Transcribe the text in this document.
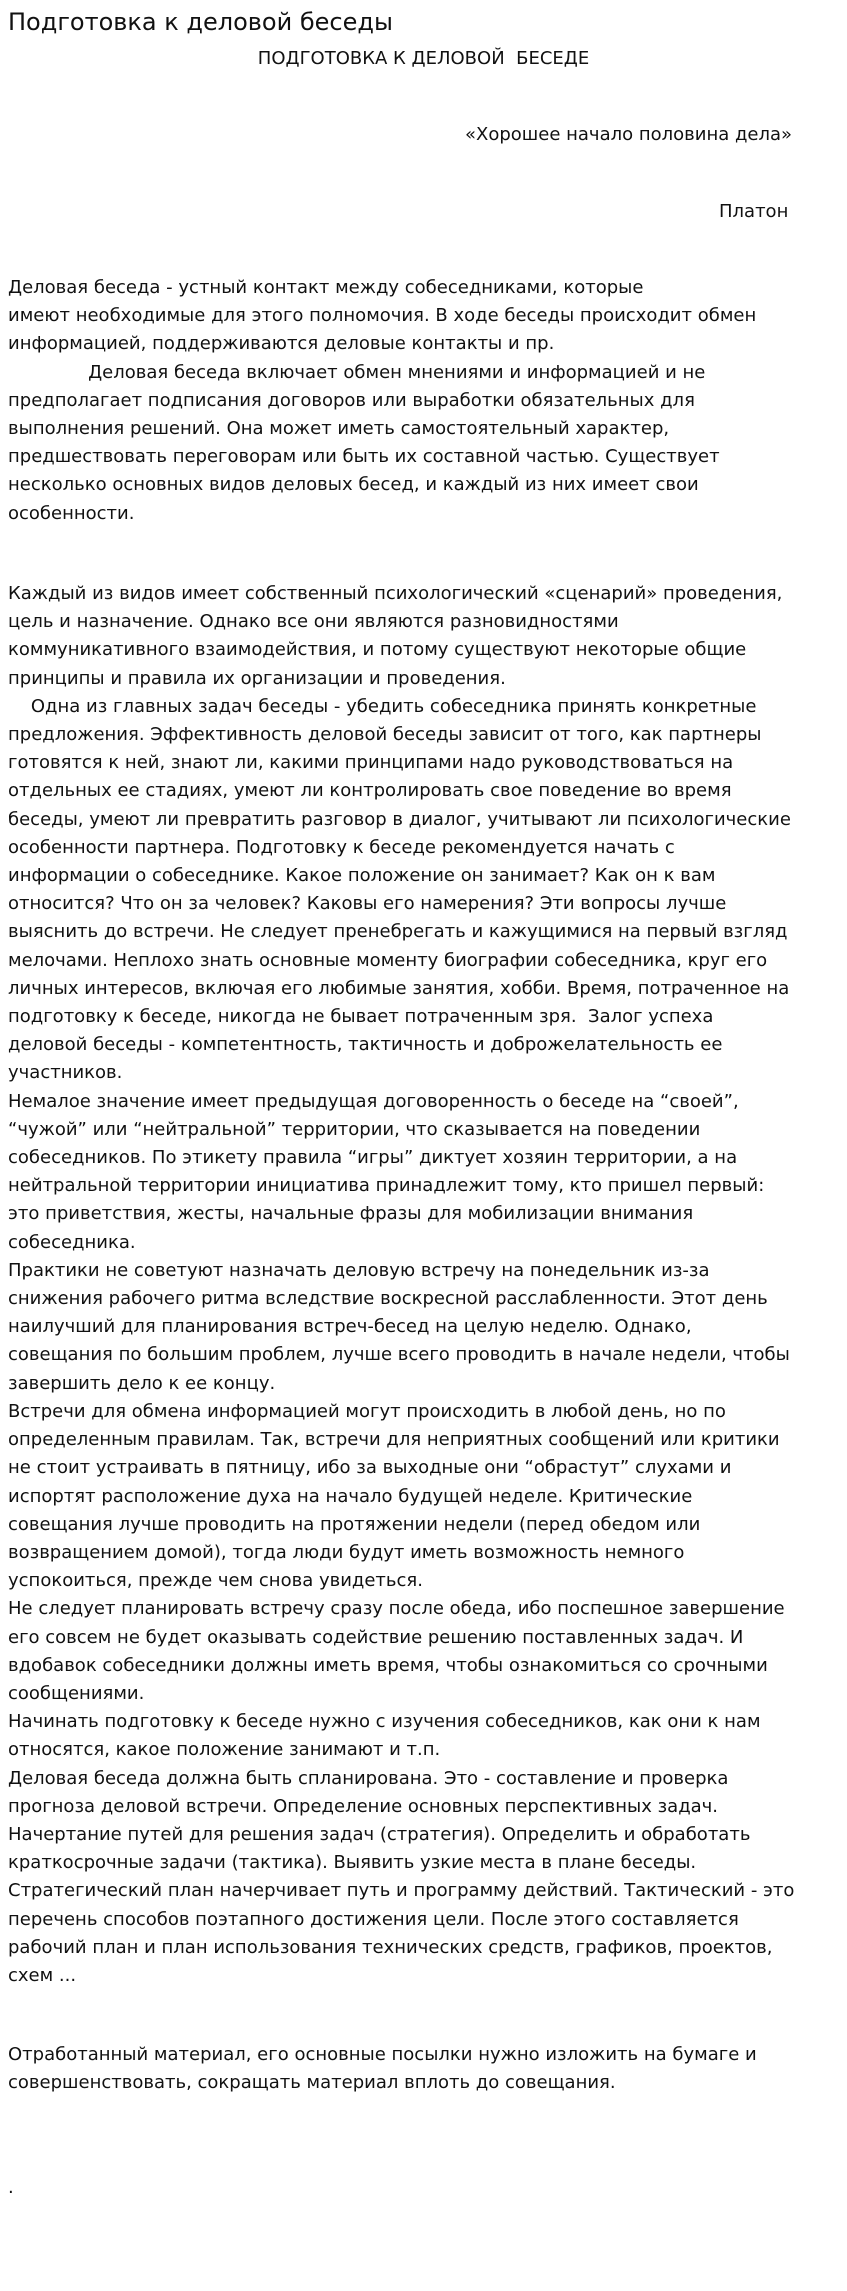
Подготовка к деловой беседы
ПОДГОТОВКА К ДЕЛОВОЙ  БЕСЕДЕ
«Хорошее начало половина дела»
Платон

Деловая беседа - устный контакт между собеседниками, которые
имеют необходимые для этого полномочия. В ходе беседы происходит обмен
информацией, поддерживаются деловые контакты и пр.
Деловая беседа включает обмен мнениями и информацией и не
предполагает подписания договоров или выработки обязательных для
выполнения решений. Она может иметь самостоятельный характер,
предшествовать переговорам или быть их составной частью. Существует
несколько основных видов деловых бесед, и каждый из них имеет свои
особенности.

Каждый из видов имеет собственный психологический «сценарий» проведения,
цель и назначение. Однако все они являются разновидностями
коммуникативного взаимодействия, и потому существуют некоторые общие
принципы и правила их организации и проведения.
Одна из главных задач беседы - убедить собеседника принять конкретные
предложения. Эффективность деловой беседы зависит от того, как партнеры
готовятся к ней, знают ли, какими принципами надо руководствоваться на
отдельных ее стадиях, умеют ли контролировать свое поведение во время
беседы, умеют ли превратить разговор в диалог, учитывают ли психологические
особенности партнера. Подготовку к беседе рекомендуется начать с
информации о собеседнике. Какое положение он занимает? Как он к вам
относится? Что он за человек? Каковы его намерения? Эти вопросы лучше
выяснить до встречи. Не следует пренебрегать и кажущимися на первый взгляд
мелочами. Неплохо знать основные моменту биографии собеседника, круг его
личных интересов, включая его любимые занятия, хобби. Время, потраченное на
подготовку к беседе, никогда не бывает потраченным зря.  Залог успеха
деловой беседы - компетентность, тактичность и доброжелательность ее
участников.
Немалое значение имеет предыдущая договоренность о беседе на “своей”,
“чужой” или “нейтральной” территории, что сказывается на поведении
собеседников. По этикету правила “игры” диктует хозяин территории, а на
нейтральной территории инициатива принадлежит тому, кто пришел первый:
это приветствия, жесты, начальные фразы для мобилизации внимания
собеседника.
Практики не советуют назначать деловую встречу на понедельник из-за
снижения рабочего ритма вследствие воскресной расслабленности. Этот день
наилучший для планирования встреч-бесед на целую неделю. Однако,
совещания по большим проблем, лучше всего проводить в начале недели, чтобы
завершить дело к ее концу.
Встречи для обмена информацией могут происходить в любой день, но по
определенным правилам. Так, встречи для неприятных сообщений или критики
не стоит устраивать в пятницу, ибо за выходные они “обрастут” слухами и
испортят расположение духа на начало будущей неделе. Критические
совещания лучше проводить на протяжении недели (перед обедом или
возвращением домой), тогда люди будут иметь возможность немного
успокоиться, прежде чем снова увидеться.
Не следует планировать встречу сразу после обеда, ибо поспешное завершение
его совсем не будет оказывать содействие решению поставленных задач. И
вдобавок собеседники должны иметь время, чтобы ознакомиться со срочными
сообщениями.
Начинать подготовку к беседе нужно с изучения собеседников, как они к нам
относятся, какое положение занимают и т.п.
Деловая беседа должна быть спланирована. Это - составление и проверка
прогноза деловой встречи. Определение основных перспективных задач.
Начертание путей для решения задач (стратегия). Определить и обработать
краткосрочные задачи (тактика). Выявить узкие места в плане беседы.
Стратегический план начерчивает путь и программу действий. Тактический - это
перечень способов поэтапного достижения цели. После этого составляется
рабочий план и план использования технических средств, графиков, проектов,
схем ...

Отработанный материал, его основные посылки нужно изложить на бумаге и
совершенствовать, сокращать материал вплоть до совещания.

.
